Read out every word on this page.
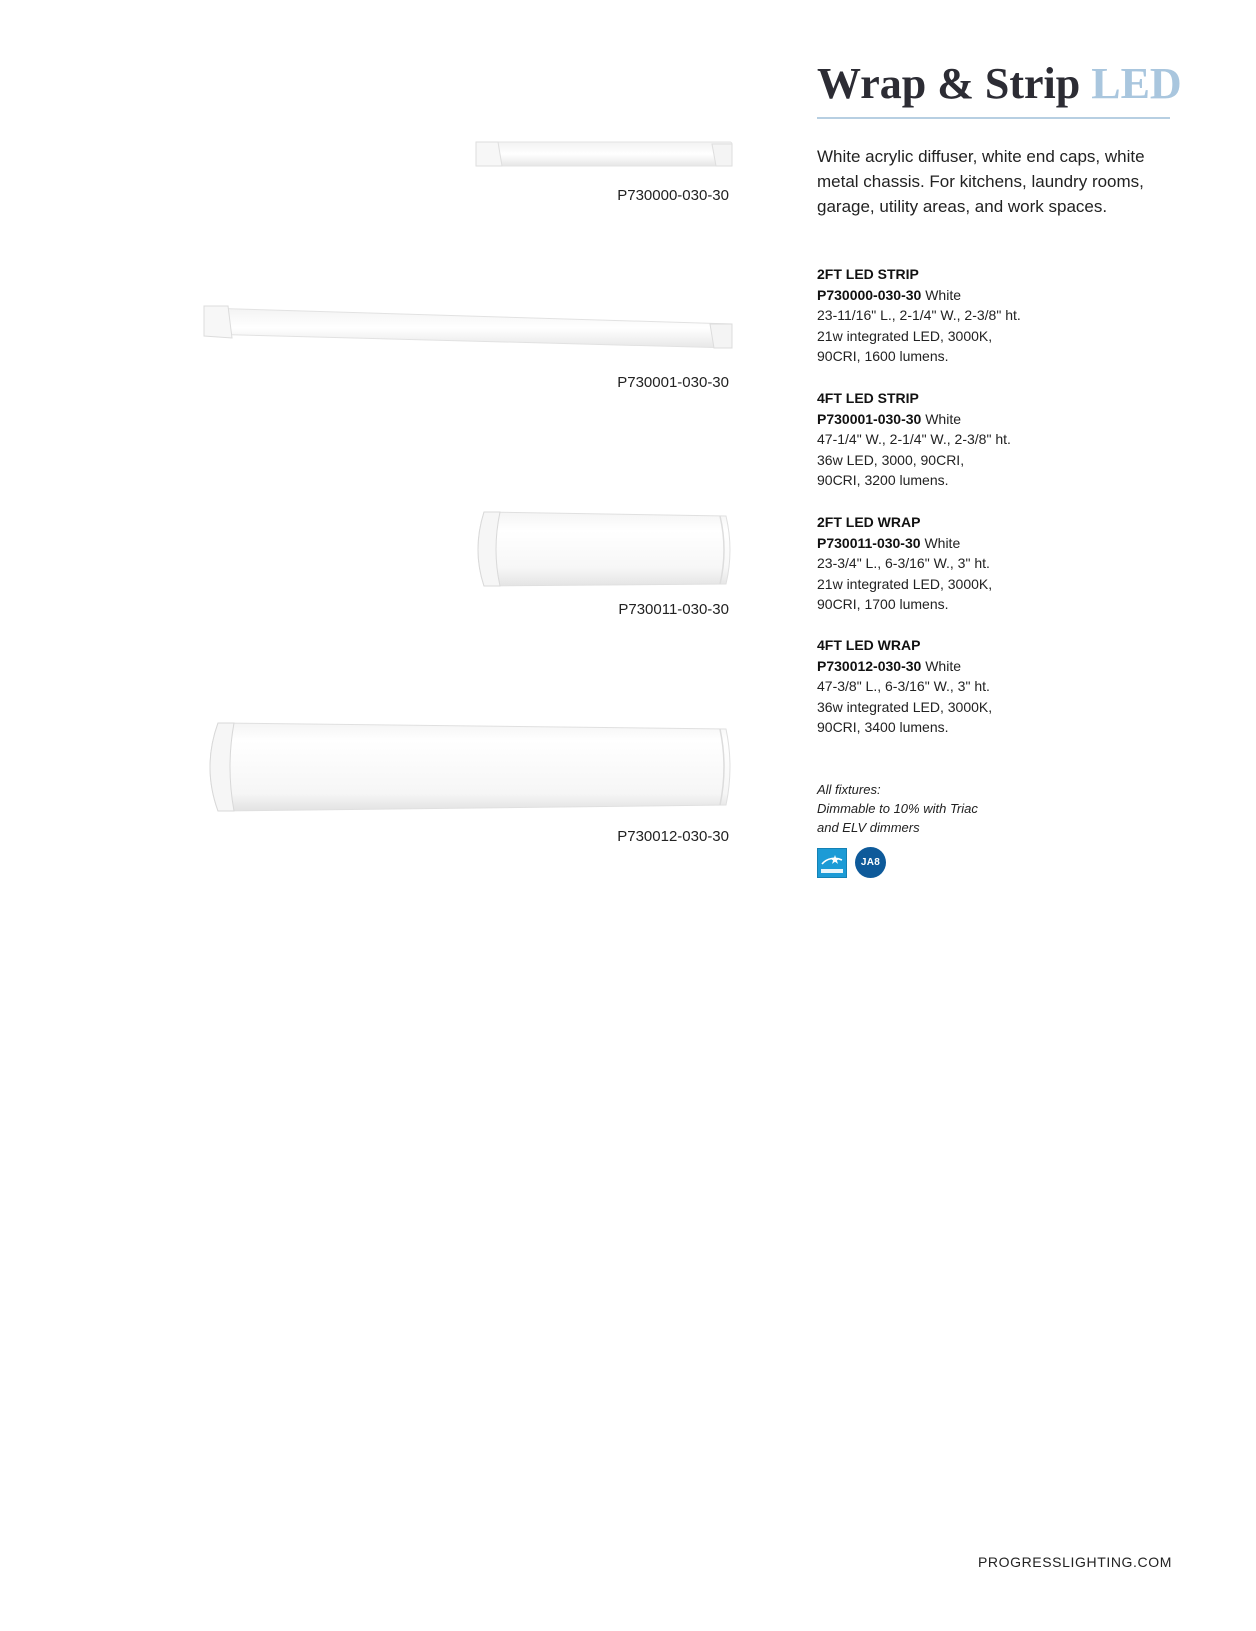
Wrap & Strip LED

White acrylic diffuser, white end caps, white metal chassis. For kitchens, laundry rooms, garage, utility areas, and work spaces.

2FT LED STRIP
P730000-030-30 White
23-11/16" L., 2-1/4" W., 2-3/8" ht.
21w integrated LED, 3000K,
90CRI, 1600 lumens.
4FT LED STRIP
P730001-030-30 White
47-1/4" W., 2-1/4" W., 2-3/8" ht.
36w LED, 3000, 90CRI,
90CRI, 3200 lumens.
2FT LED WRAP
P730011-030-30 White
23-3/4" L., 6-3/16" W., 3" ht.
21w integrated LED, 3000K,
90CRI, 1700 lumens.
4FT LED WRAP
P730012-030-30 White
47-3/8" L., 6-3/16" W., 3" ht.
36w integrated LED, 3000K,
90CRI, 3400 lumens.
All fixtures:
Dimmable to 10% with Triac
and ELV dimmers
JA8
P730000-030-30
P730001-030-30
P730011-030-30
P730012-030-30
PROGRESSLIGHTING.COM
